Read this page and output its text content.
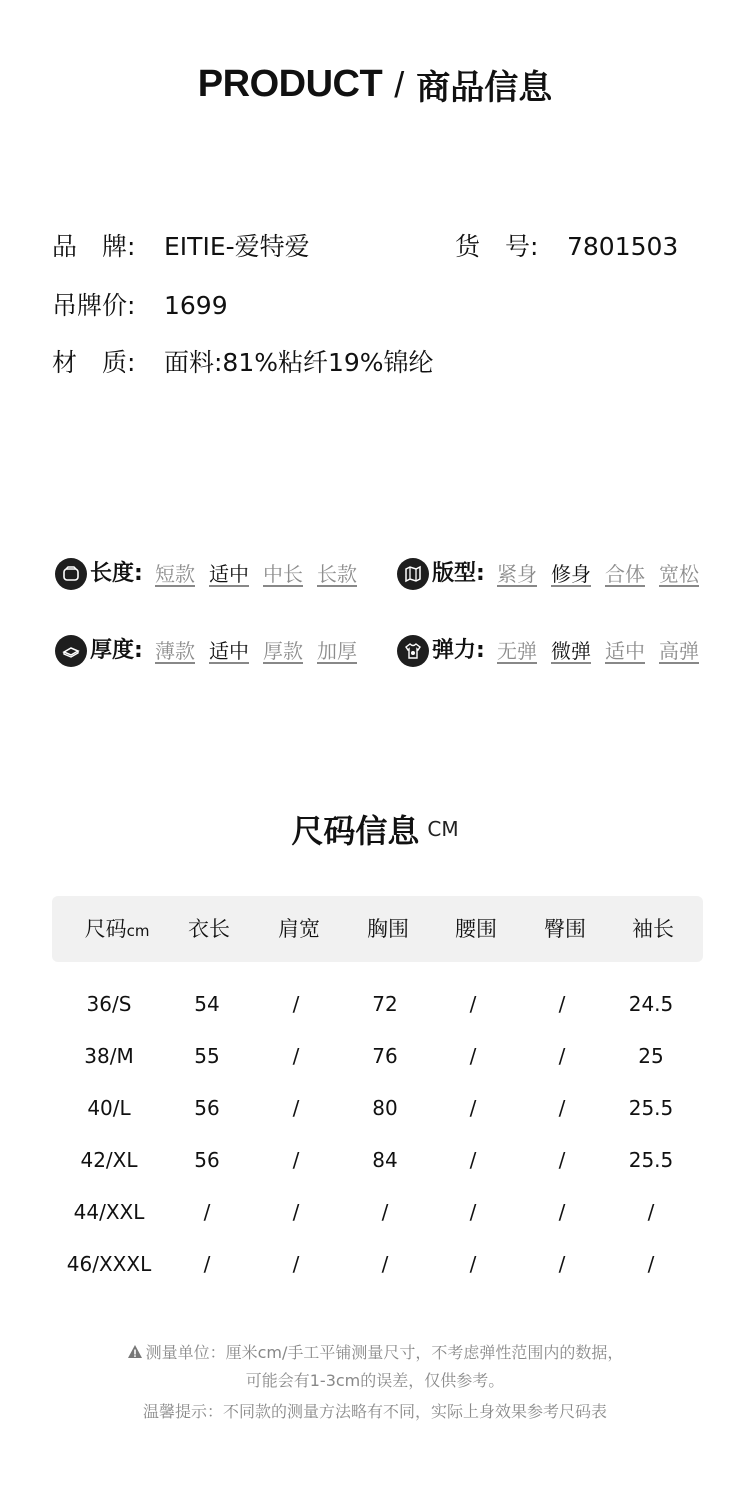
PRODUCT / 商品信息
品　牌: EITIE-爱特爱	货　号: 7801503
吊牌价: 1699
材　质: 面料:81%粘纤19%锦纶
长度: 短款 适中 中长 长款	版型: 紧身 修身 合体 宽松
厚度: 薄款 适中 厚款 加厚	弹力: 无弹 微弹 适中 高弹
尺码信息 CM
尺码cm 衣长 肩宽 胸围 腰围 臀围 袖长
36/S	54	/	72	/	/	24.5
38/M	55	/	76	/	/	25
40/L	56	/	80	/	/	25.5
42/XL	56	/	84	/	/	25.5
44/XXL	/	/	/	/	/	/
46/XXXL	/	/	/	/	/	/
测量单位：厘米cm/手工平铺测量尺寸，不考虑弹性范围内的数据，
可能会有1-3cm的误差，仅供参考。
温馨提示：不同款的测量方法略有不同，实际上身效果参考尺码表
